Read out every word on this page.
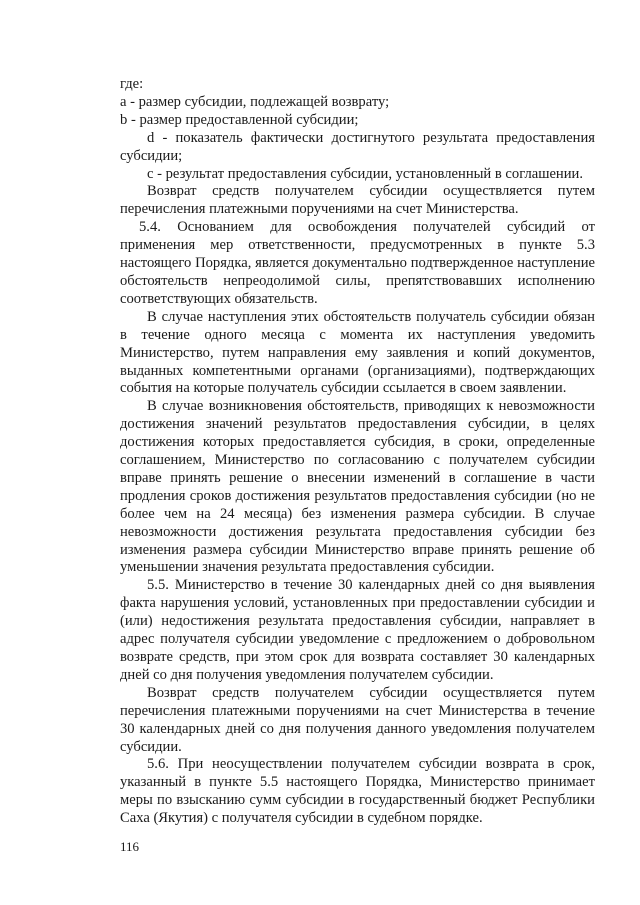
где:

a - размер субсидии, подлежащей возврату;

b - размер предоставленной субсидии;

d - показатель фактически достигнутого результата предоставления субсидии;

c - результат предоставления субсидии, установленный в соглашении.

Возврат средств получателем субсидии осуществляется путем перечисления платежными поручениями на счет Министерства.

5.4. Основанием для освобождения получателей субсидий от применения мер ответственности, предусмотренных в пункте 5.3 настоящего Порядка, является документально подтвержденное наступление обстоятельств непреодолимой силы, препятствовавших исполнению соответствующих обязательств.

В случае наступления этих обстоятельств получатель субсидии обязан в течение одного месяца с момента их наступления уведомить Министерство, путем направления ему заявления и копий документов, выданных компетентными органами (организациями), подтверждающих события на которые получатель субсидии ссылается в своем заявлении.

В случае возникновения обстоятельств, приводящих к невозможности достижения значений результатов предоставления субсидии, в целях достижения которых предоставляется субсидия, в сроки, определенные соглашением, Министерство по согласованию с получателем субсидии вправе принять решение о внесении изменений в соглашение в части продления сроков достижения результатов предоставления субсидии (но не более чем на 24 месяца) без изменения размера субсидии. В случае невозможности достижения результата предоставления субсидии без изменения размера субсидии Министерство вправе принять решение об уменьшении значения результата предоставления субсидии.

5.5. Министерство в течение 30 календарных дней со дня выявления факта нарушения условий, установленных при предоставлении субсидии и (или) недостижения результата предоставления субсидии, направляет в адрес получателя субсидии уведомление с предложением о добровольном возврате средств, при этом срок для возврата составляет 30 календарных дней со дня получения уведомления получателем субсидии.

Возврат средств получателем субсидии осуществляется путем перечисления платежными поручениями на счет Министерства в течение 30 календарных дней со дня получения данного уведомления получателем субсидии.

5.6. При неосуществлении получателем субсидии возврата в срок, указанный в пункте 5.5 настоящего Порядка, Министерство принимает меры по взысканию сумм субсидии в государственный бюджет Республики Саха (Якутия) с получателя субсидии в судебном порядке.

116
